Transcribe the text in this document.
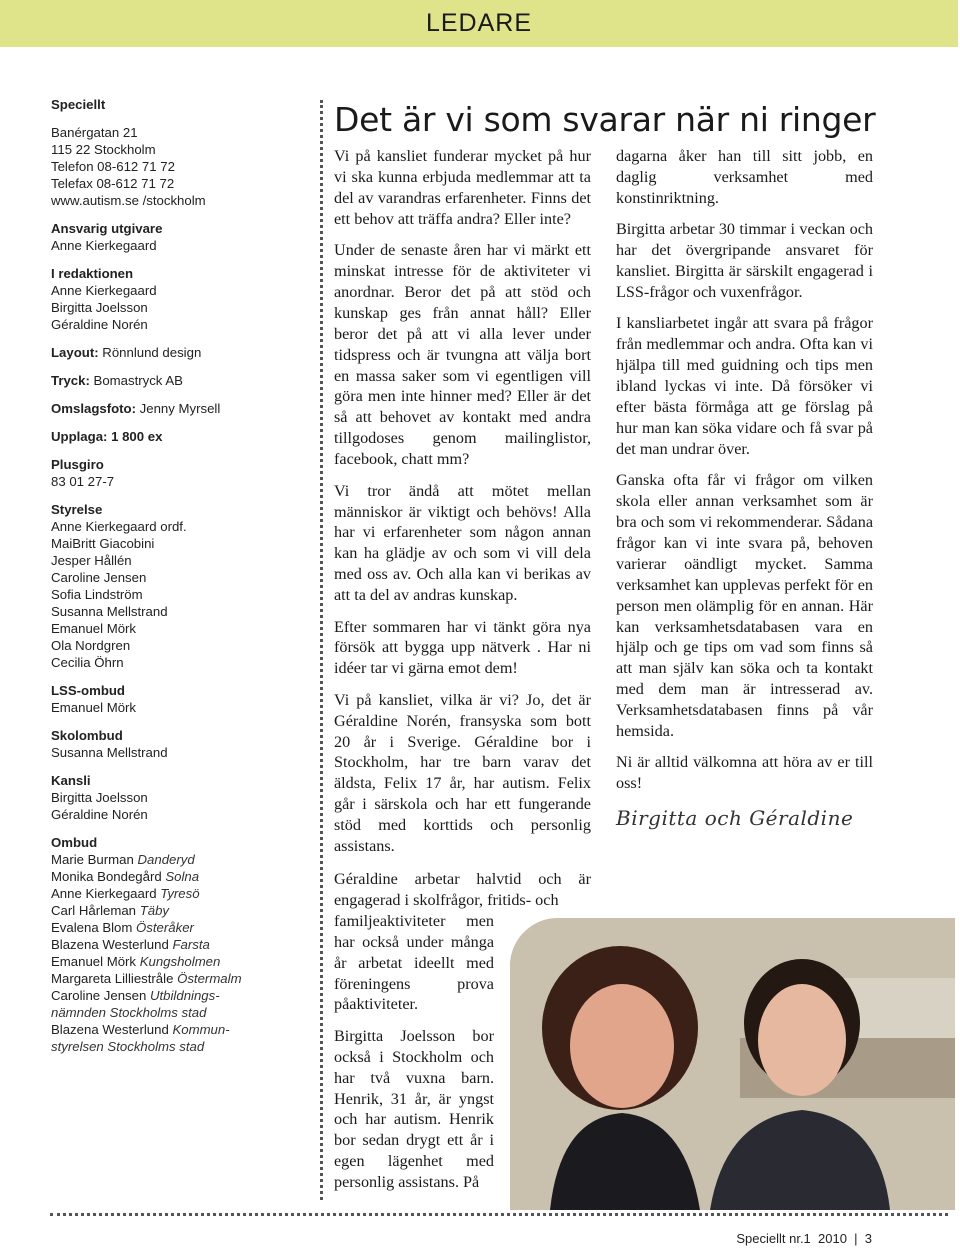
LEDARE
Speciellt
Banérgatan 21
115 22 Stockholm
Telefon 08-612 71 72
Telefax 08-612 71 72
www.autism.se /stockholm
Ansvarig utgivare
Anne Kierkegaard
I redaktionen
Anne Kierkegaard
Birgitta Joelsson
Géraldine Norén
Layout: Rönnlund design
Tryck: Bomastryck AB
Omslagsfoto: Jenny Myrsell
Upplaga: 1 800 ex
Plusgiro
83 01 27-7
Styrelse
Anne Kierkegaard ordf.
MaiBritt Giacobini
Jesper Hållén
Caroline Jensen
Sofia Lindström
Susanna Mellstrand
Emanuel Mörk
Ola Nordgren
Cecilia Öhrn
LSS-ombud
Emanuel Mörk
Skolombud
Susanna Mellstrand
Kansli
Birgitta Joelsson
Géraldine Norén
Ombud
Marie Burman Danderyd
Monika Bondegård Solna
Anne Kierkegaard Tyresö
Carl Hårleman Täby
Evalena Blom Österåker
Blazena Westerlund Farsta
Emanuel Mörk Kungsholmen
Margareta Lilliestråle Östermalm
Caroline Jensen Utbildnings-
nämnden Stockholms stad
Blazena Westerlund Kommun-
styrelsen Stockholms stad
Det är vi som svarar när ni ringer

Vi på kansliet funderar mycket på hur vi ska kunna erbjuda medlemmar att ta del av varandras erfarenheter. Finns det ett behov att träffa andra? Eller inte?

Under de senaste åren har vi märkt ett minskat intresse för de aktiviteter vi anordnar. Beror det på att stöd och kunskap ges från annat håll? Eller beror det på att vi alla lever under tidspress och är tvungna att välja bort en massa saker som vi egentligen vill göra men inte hinner med? Eller är det så att behovet av kontakt med andra tillgodoses genom mailinglistor, facebook, chatt mm?

Vi tror ändå att mötet mellan människor är viktigt och behövs! Alla har vi erfarenheter som någon annan kan ha glädje av och som vi vill dela med oss av. Och alla kan vi berikas av att ta del av andras kunskap.

Efter sommaren har vi tänkt göra nya försök att bygga upp nätverk . Har ni idéer tar vi gärna emot dem!

Vi på kansliet, vilka är vi? Jo, det är Géraldine Norén, fransyska som bott 20 år i Sverige. Géraldine bor i Stockholm, har tre barn varav det äldsta, Felix 17 år, har autism. Felix går i särskola och har ett fungerande stöd med korttids och personlig assistans.

Géraldine arbetar halvtid och är engagerad i skolfrågor, fritids- och

familjeaktiviteter men har också under många år arbetat ideellt med föreningens prova påaktiviteter.

Birgitta Joelsson bor också i Stockholm och har två vuxna barn. Henrik, 31 år, är yngst och har autism. Henrik bor sedan drygt ett år i egen lägenhet med personlig assistans. På

dagarna åker han till sitt jobb, en daglig verksamhet med konstinriktning.

Birgitta arbetar 30 timmar i veckan och har det övergripande ansvaret för kansliet. Birgitta är särskilt engagerad i LSS-frågor och vuxenfrågor.

I kansliarbetet ingår att svara på frågor från medlemmar och andra. Ofta kan vi hjälpa till med guidning och tips men ibland lyckas vi inte. Då försöker vi efter bästa förmåga att ge förslag på hur man kan söka vidare och få svar på det man undrar över.

Ganska ofta får vi frågor om vilken skola eller annan verksamhet som är bra och som vi rekommenderar. Sådana frågor kan vi inte svara på, behoven varierar oändligt mycket. Samma verksamhet kan upplevas perfekt för en person men olämplig för en annan. Här kan verksamhetsdatabasen vara en hjälp och ge tips om vad som finns så att man själv kan söka och ta kontakt med dem man är intresserad av. Verksamhetsdatabasen finns på vår hemsida.

Ni är alltid välkomna att höra av er till oss!

Birgitta och Géraldine
Speciellt nr.1  2010  |  3
